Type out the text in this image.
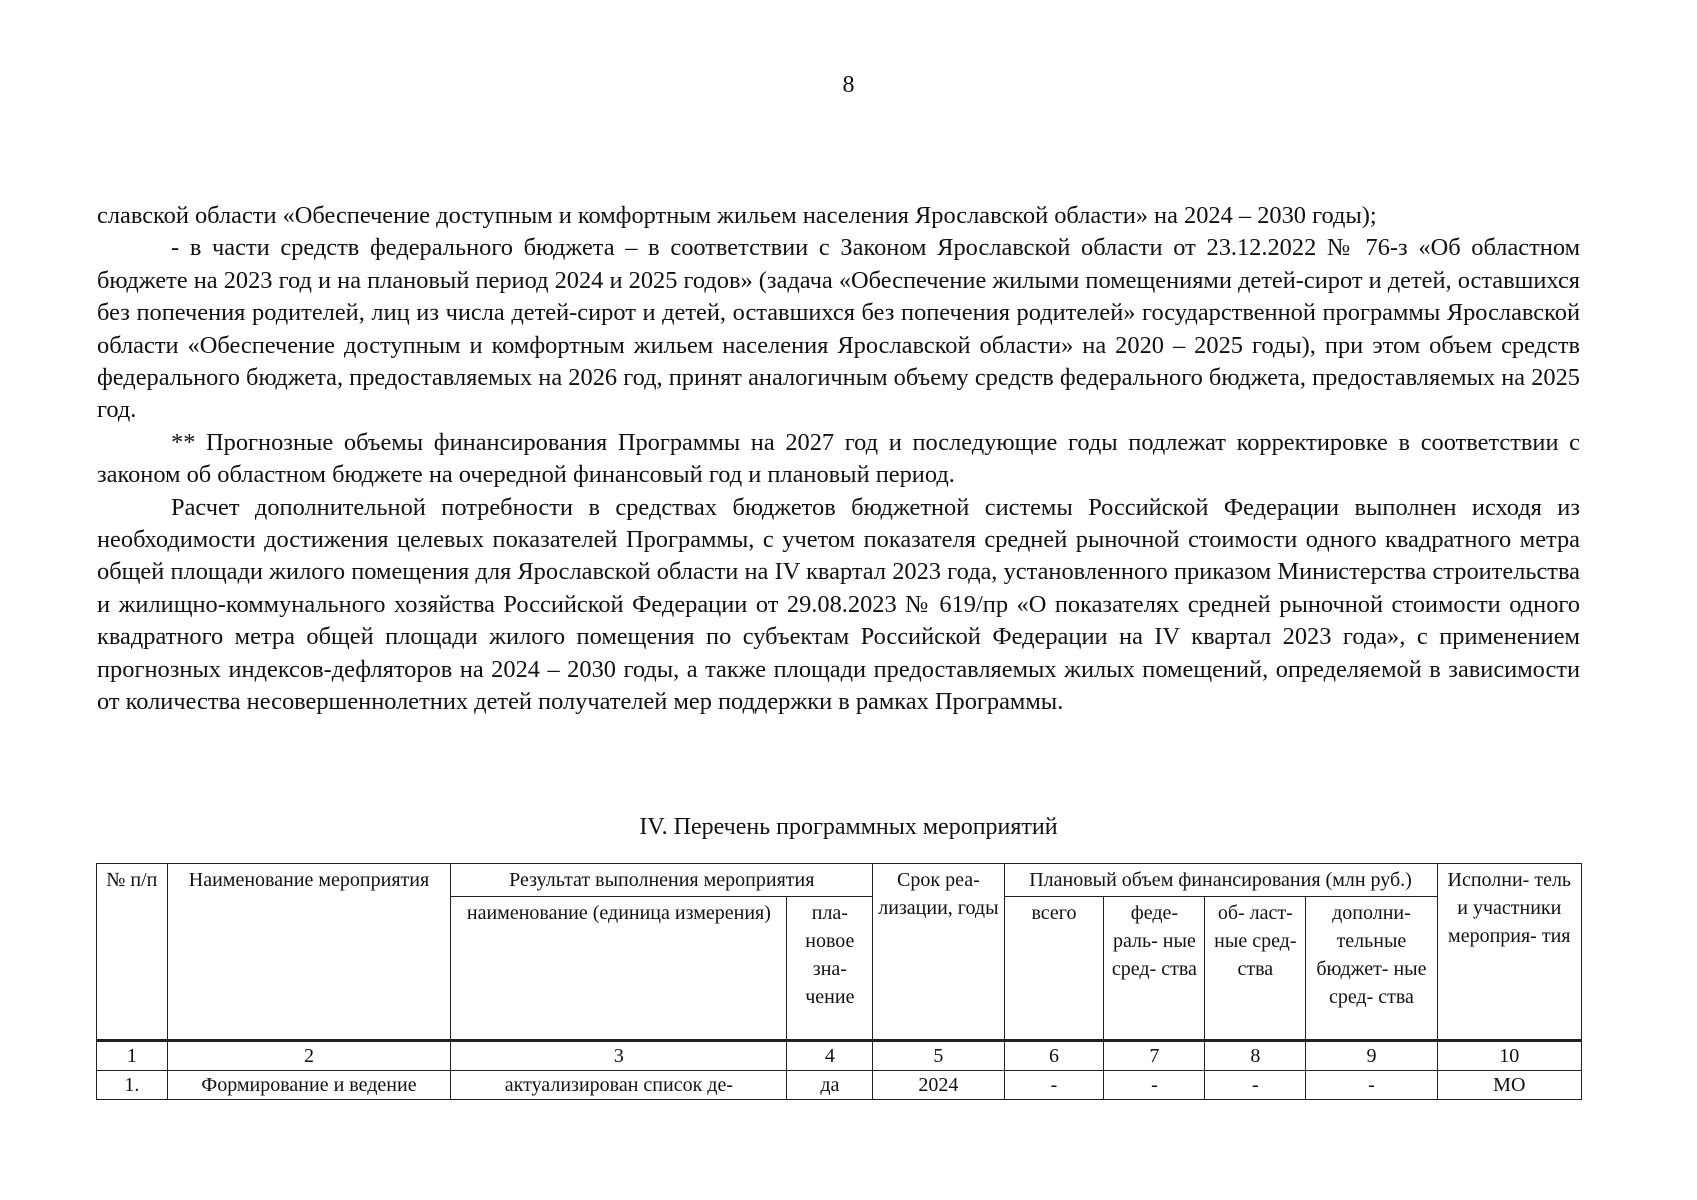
8

славской области «Обеспечение доступным и комфортным жильем населения Ярославской области» на 2024 – 2030 годы);

- в части средств федерального бюджета – в соответствии с Законом Ярославской области от 23.12.2022 № 76-з «Об областном бюджете на 2023 год и на плановый период 2024 и 2025 годов» (задача «Обеспечение жилыми помещениями детей-сирот и детей, оставшихся без попечения родителей, лиц из числа детей-сирот и детей, оставшихся без попечения родителей» государственной программы Ярославской области «Обеспечение доступным и комфортным жильем населения Ярославской области» на 2020 – 2025 годы), при этом объем средств федерального бюджета, предоставляемых на 2026 год, принят аналогичным объему средств федерального бюджета, предоставляемых на 2025 год.

** Прогнозные объемы финансирования Программы на 2027 год и последующие годы подлежат корректировке в соответствии с законом об областном бюджете на очередной финансовый год и плановый период.

Расчет дополнительной потребности в средствах бюджетов бюджетной системы Российской Федерации выполнен исходя из необходимости достижения целевых показателей Программы, с учетом показателя средней рыночной стоимости одного квадратного метра общей площади жилого помещения для Ярославской области на IV квартал 2023 года, установленного приказом Министерства строительства и жилищно-коммунального хозяйства Российской Федерации от 29.08.2023 № 619/пр «О показателях средней рыночной стоимости одного квадратного метра общей площади жилого помещения по субъектам Российской Федерации на IV квартал 2023 года», с применением прогнозных индексов-дефляторов на 2024 – 2030 годы, а также площади предоставляемых жилых помещений, определяемой в зависимости от количества несовершеннолетних детей получателей мер поддержки в рамках Программы.

IV. Перечень программных мероприятий
№ п/п	Наименование мероприятия	Результат выполнения мероприятия		Срок реа- лизации, годы	Плановый объем финансирования (млн руб.)				Исполни- тель и участники мероприя- тия
		наименование (единица измерения)	пла- новое зна- чение		всего	феде- раль- ные сред- ства	об- ласт- ные сред- ства	дополни- тельные бюджет- ные сред- ства	
1	2	3	4	5	6	7	8	9	10
1.	Формирование и ведение	актуализирован список де-	да	2024	-	-	-	-	МО
